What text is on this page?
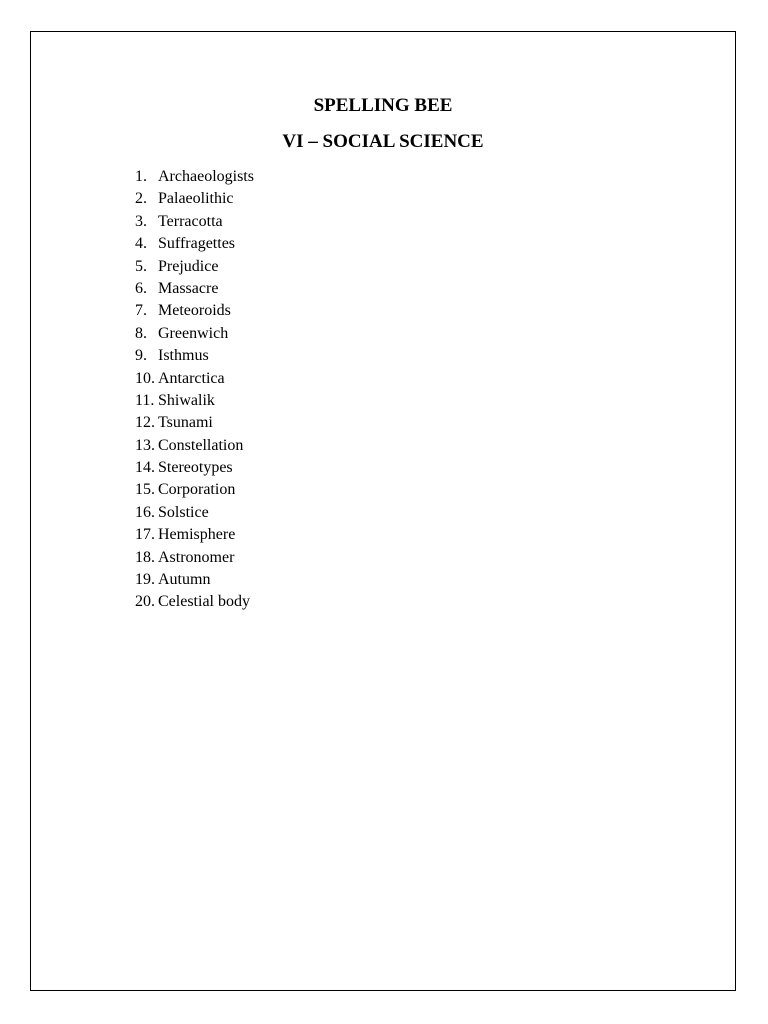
SPELLING BEE
VI – SOCIAL SCIENCE
1. Archaeologists
2. Palaeolithic
3. Terracotta
4. Suffragettes
5. Prejudice
6. Massacre
7. Meteoroids
8. Greenwich
9. Isthmus
10. Antarctica
11. Shiwalik
12. Tsunami
13. Constellation
14. Stereotypes
15. Corporation
16. Solstice
17. Hemisphere
18. Astronomer
19. Autumn
20. Celestial body
